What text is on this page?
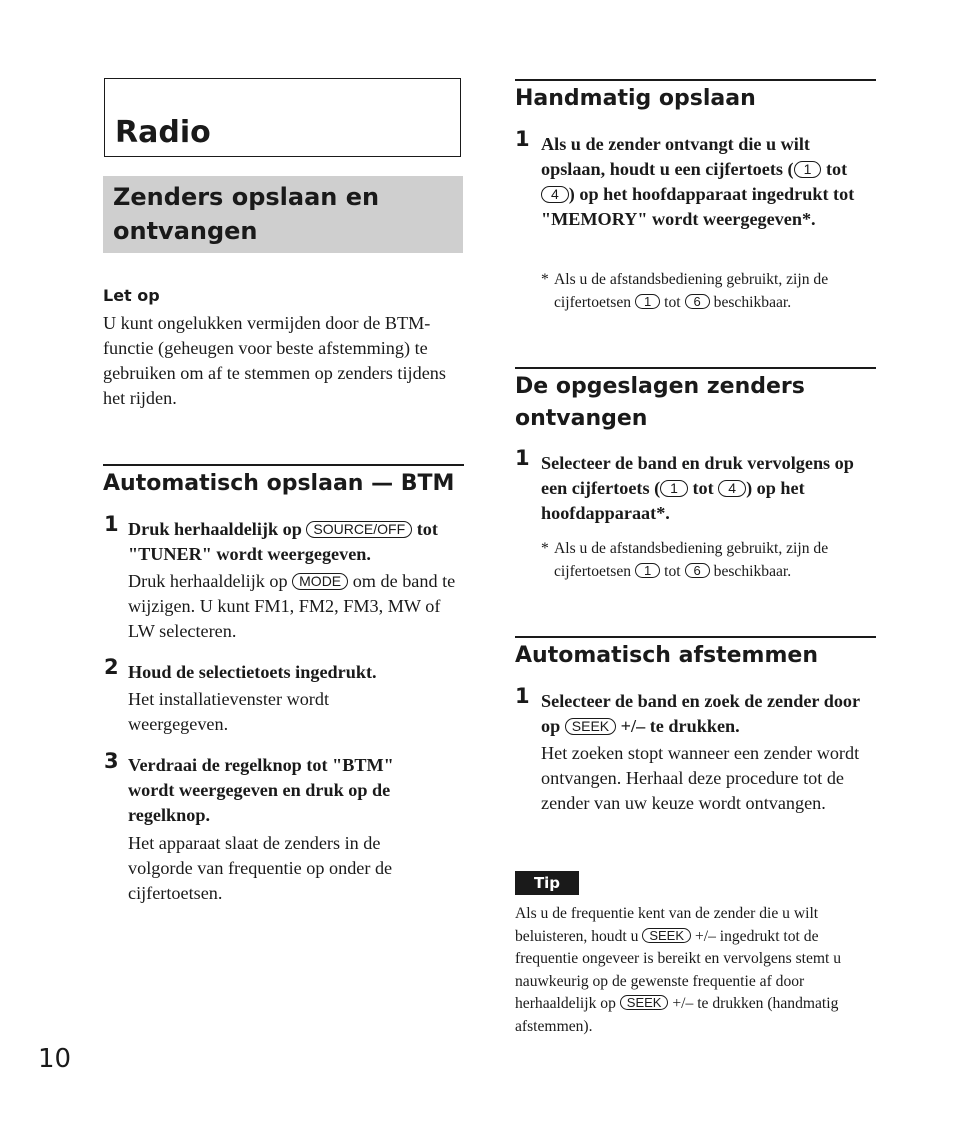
Radio
Zenders opslaan en ontvangen
Let op
U kunt ongelukken vermijden door de BTM-functie (geheugen voor beste afstemming) te gebruiken om af te stemmen op zenders tijdens het rijden.
Automatisch opslaan — BTM
1 Druk herhaaldelijk op SOURCE/OFF tot "TUNER" wordt weergegeven.
Druk herhaaldelijk op MODE om de band te wijzigen. U kunt FM1, FM2, FM3, MW of LW selecteren.
2 Houd de selectietoets ingedrukt.
Het installatievenster wordt weergegeven.
3 Verdraai de regelknop tot "BTM" wordt weergegeven en druk op de regelknop.
Het apparaat slaat de zenders in de volgorde van frequentie op onder de cijfertoetsen.
10
Handmatig opslaan
1 Als u de zender ontvangt die u wilt opslaan, houdt u een cijfertoets ( 1 tot 4 ) op het hoofdapparaat ingedrukt tot "MEMORY" wordt weergegeven*.
* Als u de afstandsbediening gebruikt, zijn de cijfertoetsen 1 tot 6 beschikbaar.
De opgeslagen zenders ontvangen
1 Selecteer de band en druk vervolgens op een cijfertoets ( 1 tot 4 ) op het hoofdapparaat*.
* Als u de afstandsbediening gebruikt, zijn de cijfertoetsen 1 tot 6 beschikbaar.
Automatisch afstemmen
1 Selecteer de band en zoek de zender door op SEEK +/– te drukken.
Het zoeken stopt wanneer een zender wordt ontvangen. Herhaal deze procedure tot de zender van uw keuze wordt ontvangen.
Tip
Als u de frequentie kent van de zender die u wilt beluisteren, houdt u SEEK +/– ingedrukt tot de frequentie ongeveer is bereikt en vervolgens stemt u nauwkeurig op de gewenste frequentie af door herhaaldelijk op SEEK +/– te drukken (handmatig afstemmen).
